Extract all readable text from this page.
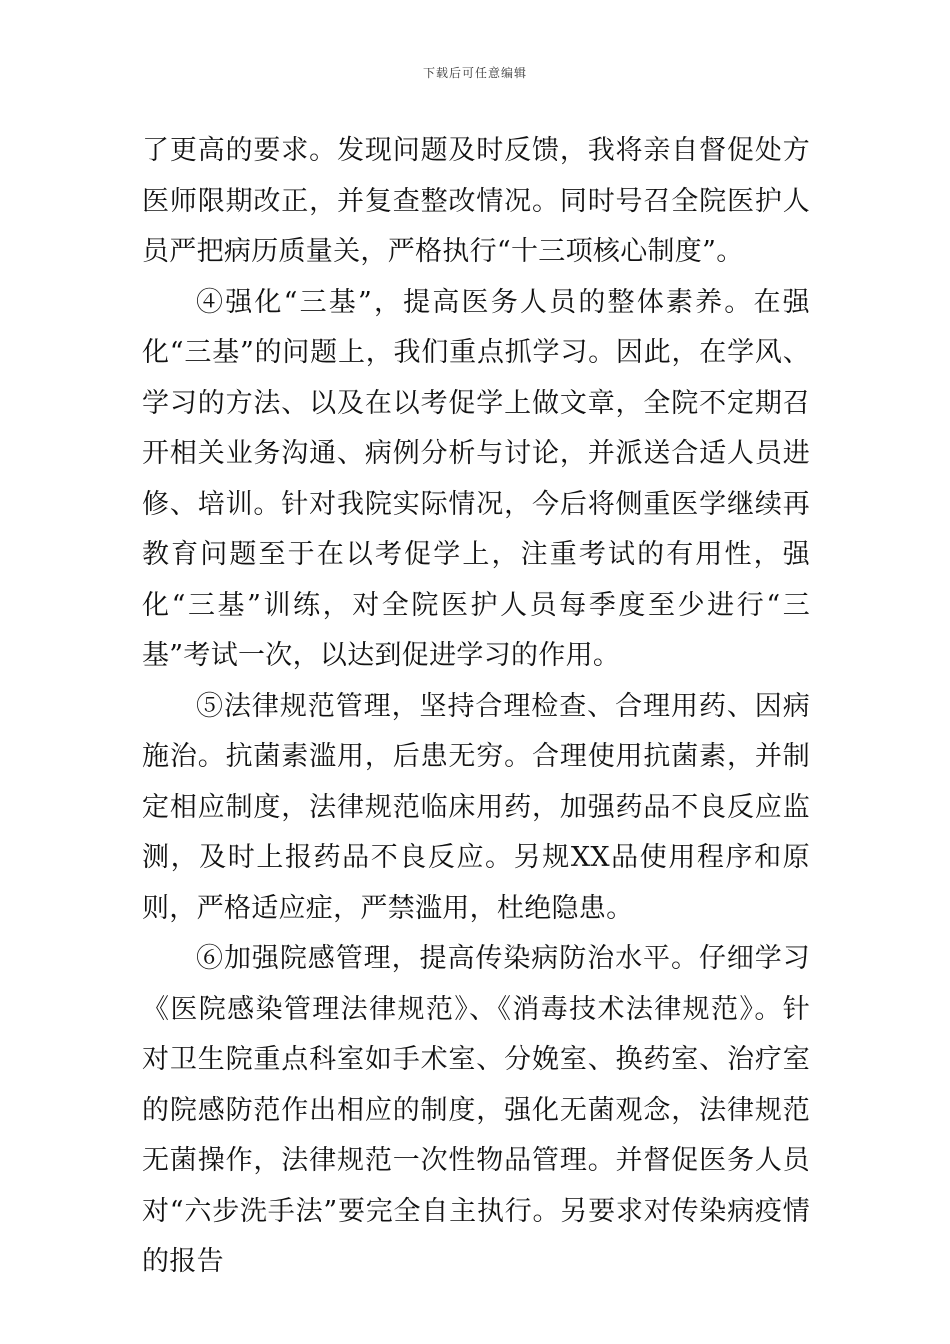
下载后可任意编辑

了更高的要求。发现问题及时反馈，我将亲自督促处方医师限期改正，并复查整改情况。同时号召全院医护人员严把病历质量关，严格执行“十三项核心制度”。

④强化“三基”，提高医务人员的整体素养。在强化“三基”的问题上，我们重点抓学习。因此，在学风、学习的方法、以及在以考促学上做文章，全院不定期召开相关业务沟通、病例分析与讨论，并派送合适人员进修、培训。针对我院实际情况，今后将侧重医学继续再教育问题至于在以考促学上，注重考试的有用性，强化“三基”训练，对全院医护人员每季度至少进行“三基”考试一次，以达到促进学习的作用。

⑤法律规范管理，坚持合理检查、合理用药、因病施治。抗菌素滥用，后患无穷。合理使用抗菌素，并制定相应制度，法律规范临床用药，加强药品不良反应监测，及时上报药品不良反应。另规XX品使用程序和原则，严格适应症，严禁滥用，杜绝隐患。

⑥加强院感管理，提高传染病防治水平。仔细学习《医院感染管理法律规范》、《消毒技术法律规范》。针对卫生院重点科室如手术室、分娩室、换药室、治疗室的院感防范作出相应的制度，强化无菌观念，法律规范无菌操作，法律规范一次性物品管理。并督促医务人员对“六步洗手法”要完全自主执行。另要求对传染病疫情的报告
